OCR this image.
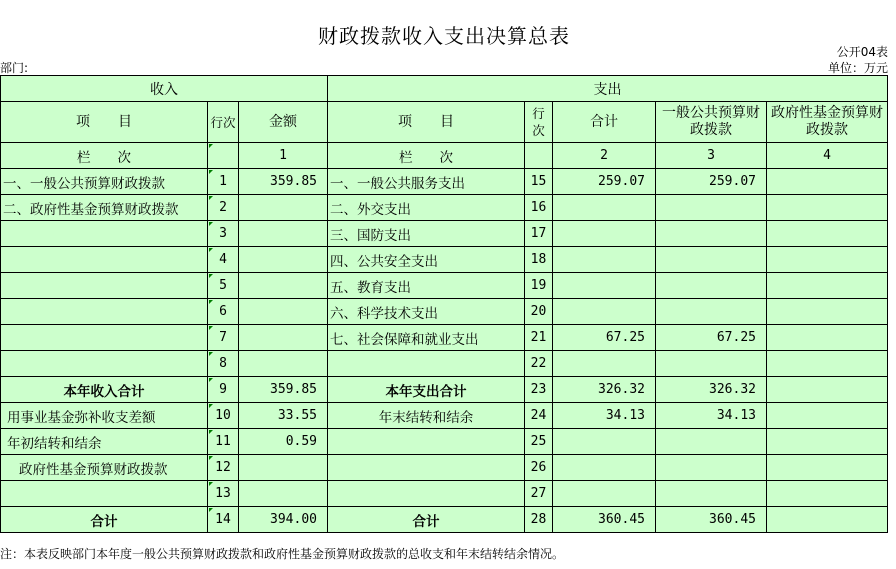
财政拨款收入支出决算总表
公开04表
部门:	单位：万元
收入			支出				
项　　目	行次	金额	项　　目	行次	合计	一般公共预算财政拨款	政府性基金预算财政拨款
栏　　次		1	栏　　次		2	3	4
一、一般公共预算财政拨款	1	359.85	一、一般公共服务支出	15	259.07	259.07	
二、政府性基金预算财政拨款	2		二、外交支出	16			
	3		三、国防支出	17			
	4		四、公共安全支出	18			
	5		五、教育支出	19			
	6		六、科学技术支出	20			
	7		七、社会保障和就业支出	21	67.25	67.25	
	8			22			
本年收入合计	9	359.85	本年支出合计	23	326.32	326.32	
用事业基金弥补收支差额	10	33.55	年末结转和结余	24	34.13	34.13	
年初结转和结余	11	0.59		25			
政府性基金预算财政拨款	12			26			
	13			27			
合计	14	394.00	合计	28	360.45	360.45	
注：本表反映部门本年度一般公共预算财政拨款和政府性基金预算财政拨款的总收支和年末结转结余情况。
